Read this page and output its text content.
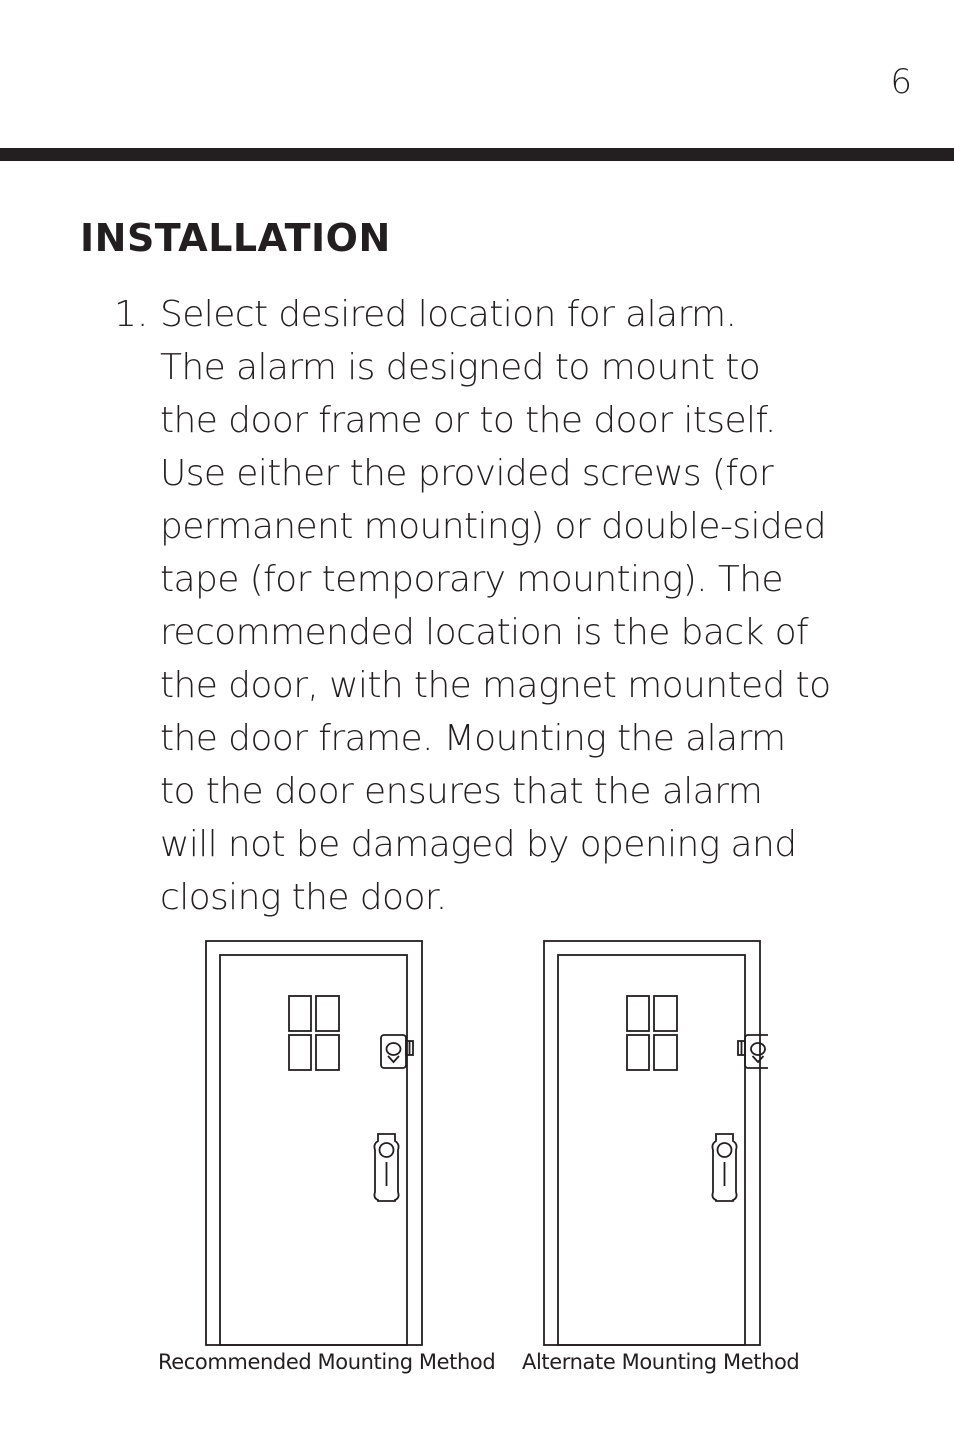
6
INSTALLATION
1. Select desired location for alarm.
The alarm is designed to mount to
the door frame or to the door itself.
Use either the provided screws (for
permanent mounting) or double-sided
tape (for temporary mounting). The
recommended location is the back of
the door, with the magnet mounted to
the door frame. Mounting the alarm
to the door ensures that the alarm
will not be damaged by opening and
closing the door.
Recommended Mounting Method Alternate Mounting Method
